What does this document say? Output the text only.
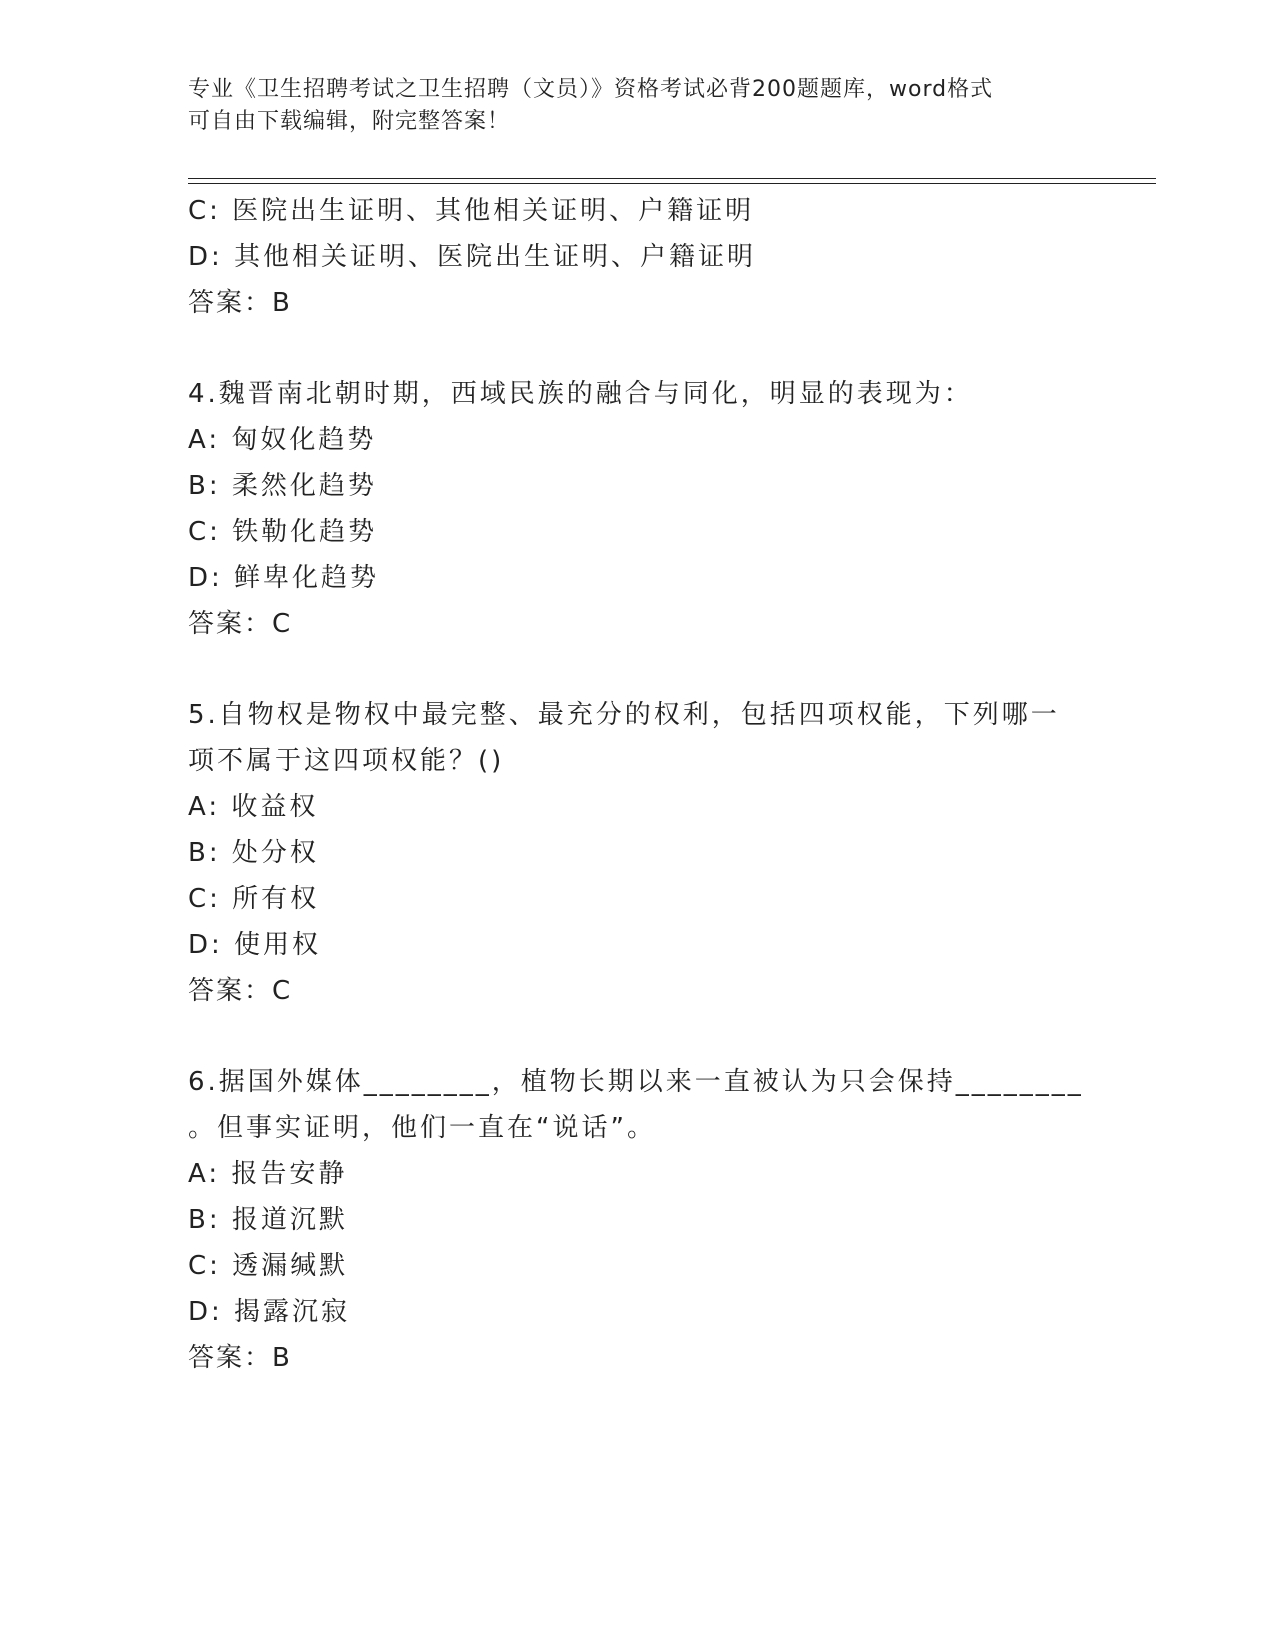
专业《卫生招聘考试之卫生招聘（文员）》资格考试必背200题题库，word格式
可自由下载编辑，附完整答案！
C: 医院出生证明、其他相关证明、户籍证明
D: 其他相关证明、医院出生证明、户籍证明
答案：B
4.魏晋南北朝时期，西域民族的融合与同化，明显的表现为：
A: 匈奴化趋势
B: 柔然化趋势
C: 铁勒化趋势
D: 鲜卑化趋势
答案：C
5.自物权是物权中最完整、最充分的权利，包括四项权能，下列哪一
项不属于这四项权能？()
A: 收益权
B: 处分权
C: 所有权
D: 使用权
答案：C
6.据国外媒体________，植物长期以来一直被认为只会保持________
。但事实证明，他们一直在“说话”。
A: 报告安静
B: 报道沉默
C: 透漏缄默
D: 揭露沉寂
答案：B
